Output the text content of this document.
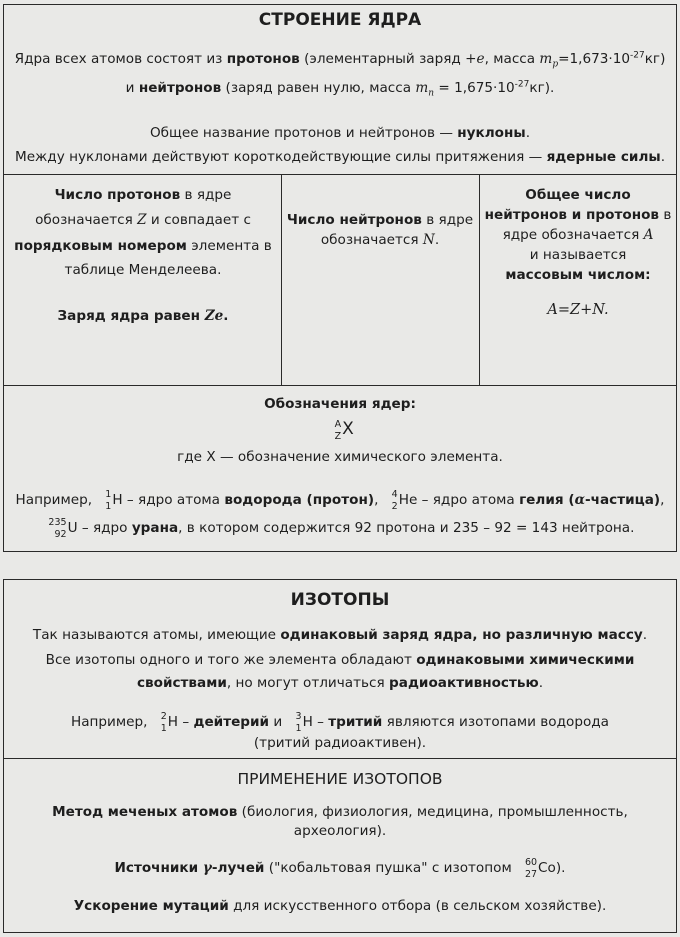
СТРОЕНИЕ ЯДРА
Ядра всех атомов состоят из протонов (элементарный заряд +e, масса $m_p=1,673\cdot 10^{-27}кг$)
и нейтронов (заряд равен нулю, масса $m_n = 1,675\cdot 10^{-27}кг$).
Общее название протонов и нейтронов — нуклоны.
Между нуклонами действуют короткодействующие силы притяжения — ядерные силы.
Число протонов в ядре
обозначается Z и совпадает с
порядковым номером элемента в
таблице Менделеева.
Заряд ядра равен Ze.
Число нейтронов в ядре
обозначается N.
Общее число
нейтронов и протонов в
ядре обозначается A
и называется
массовым числом:
A=Z+N.
Обозначения ядер:
A
Z X
где X — обозначение химического элемента.
Например, 1
1 H – ядро атома водорода (протон), 4
2 He – ядро атома гелия (α-частица),
235
92 U – ядро урана, в котором содержится 92 протона и 235 – 92 = 143 нейтрона.
ИЗОТОПЫ
Так называются атомы, имеющие одинаковый заряд ядра, но различную массу.
Все изотопы одного и того же элемента обладают одинаковыми химическими
свойствами, но могут отличаться радиоактивностью.
Например, 2
1 H – дейтерий и 3
1 H – тритий являются изотопами водорода
(тритий радиоактивен).
ПРИМЕНЕНИЕ ИЗОТОПОВ
Метод меченых атомов (биология, физиология, медицина, промышленность,
археология).
Источники γ-лучей ("кобальтовая пушка" с изотопом 60
27 Co).
Ускорение мутаций для искусственного отбора (в сельском хозяйстве).
